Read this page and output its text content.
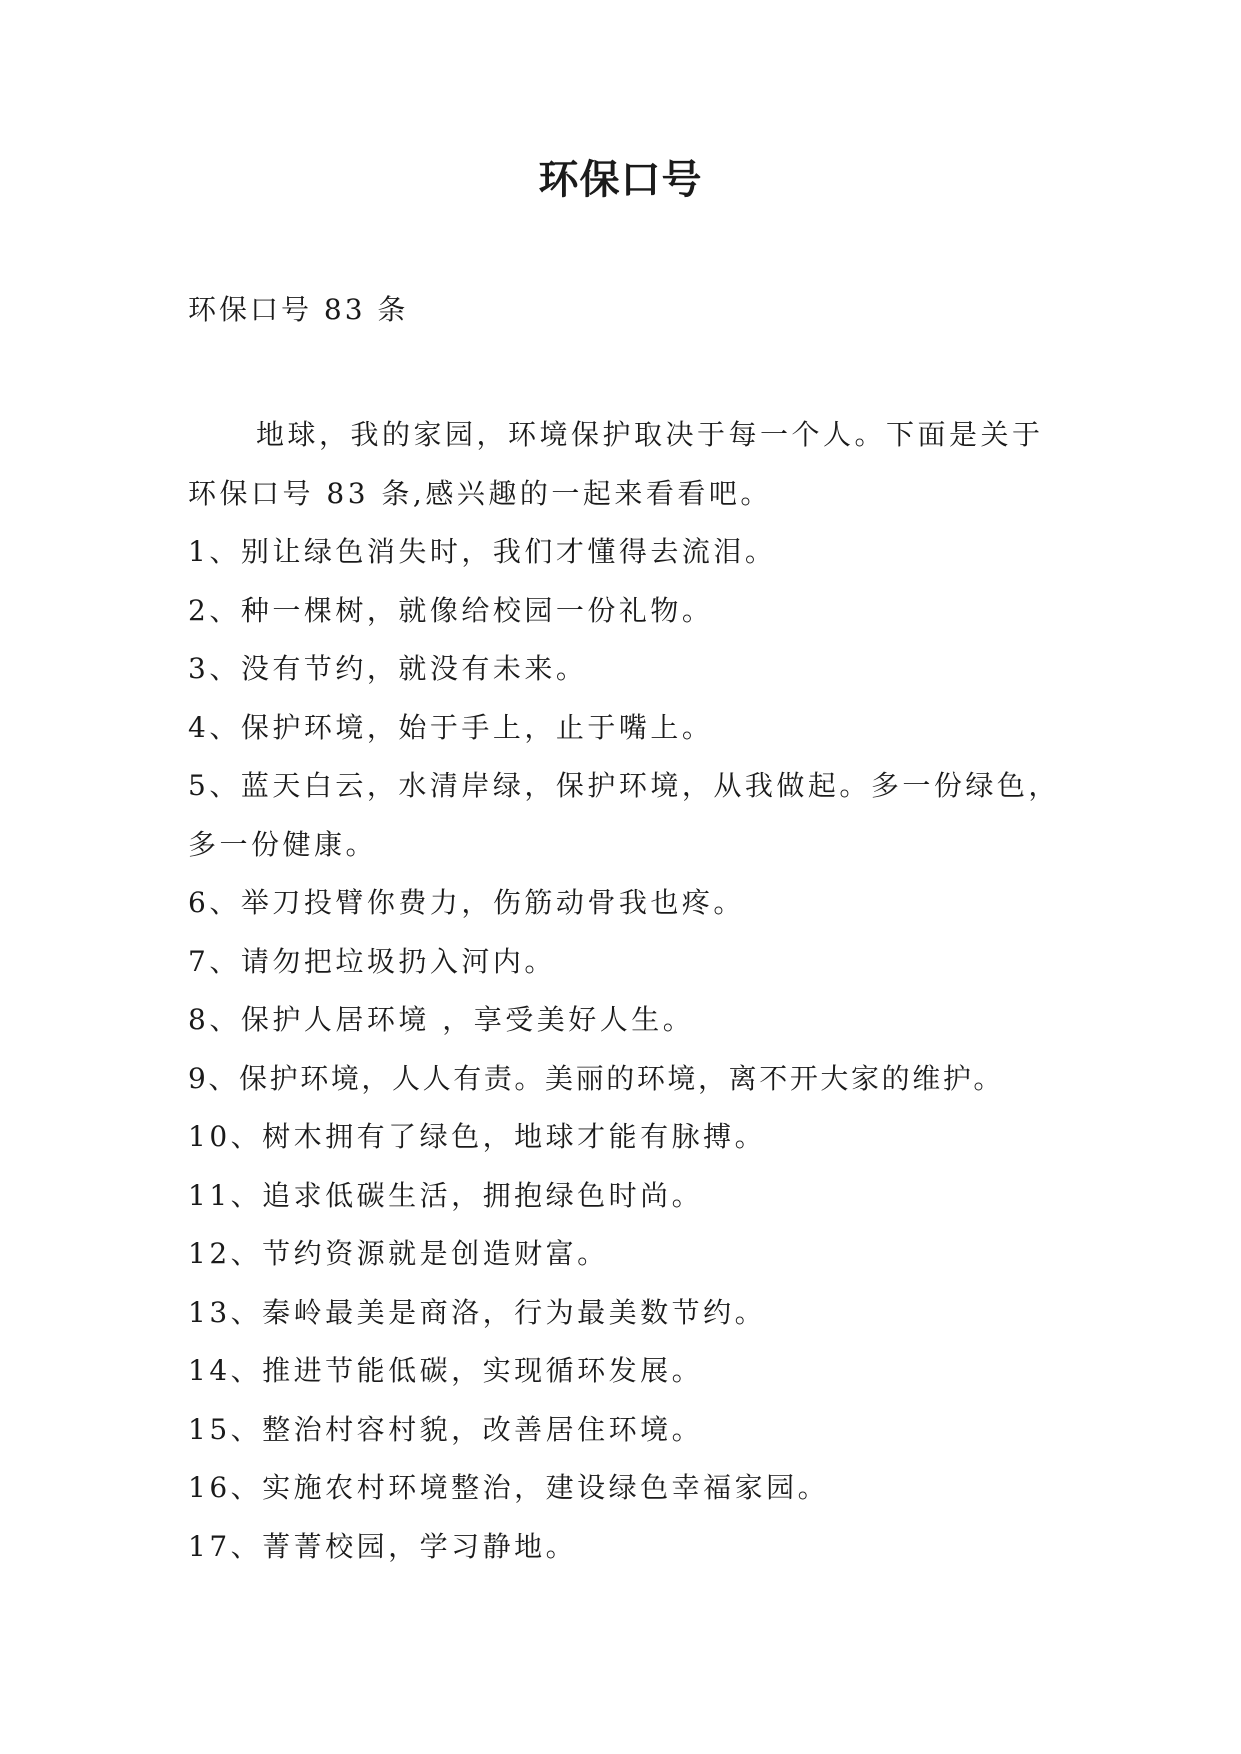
环保口号

环保口号 83 条

地球，我的家园，环境保护取决于每一个人。下面是关于环保口号 83 条,感兴趣的一起来看看吧。

1、别让绿色消失时，我们才懂得去流泪。
2、种一棵树，就像给校园一份礼物。
3、没有节约，就没有未来。
4、保护环境，始于手上，止于嘴上。
5、蓝天白云，水清岸绿，保护环境，从我做起。多一份绿色，多一份健康。
6、举刀投臂你费力，伤筋动骨我也疼。
7、请勿把垃圾扔入河内。
8、保护人居环境 ，享受美好人生。
9、保护环境，人人有责。美丽的环境，离不开大家的维护。
10、树木拥有了绿色，地球才能有脉搏。
11、追求低碳生活，拥抱绿色时尚。
12、节约资源就是创造财富。
13、秦岭最美是商洛，行为最美数节约。
14、推进节能低碳，实现循环发展。
15、整治村容村貌，改善居住环境。
16、实施农村环境整治，建设绿色幸福家园。
17、菁菁校园，学习静地。
